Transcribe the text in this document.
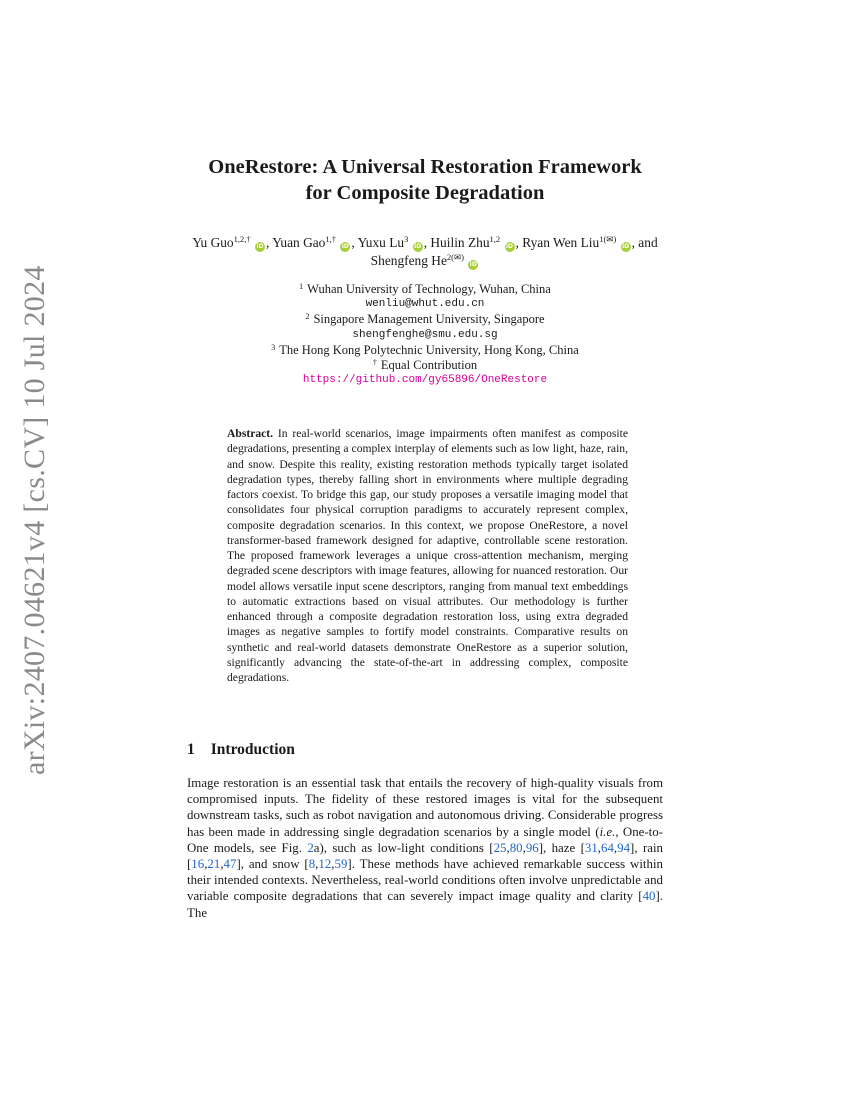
arXiv:2407.04621v4 [cs.CV] 10 Jul 2024
OneRestore: A Universal Restoration Framework
for Composite Degradation
Yu Guo$^{1,2,\dagger}$ iD , Yuan Gao$^{1,\dagger}$ iD , Yuxu Lu$^3$ iD , Huilin Zhu$^{1,2}$ iD , Ryan Wen Liu$^{1(✉)}$ iD , and Shengfeng $He^{2(✉)}$ iD
$^1$ Wuhan University of Technology, Wuhan, China
wenliu@whut.edu.cn
$^2$ Singapore Management University, Singapore
shengfenghe@smu.edu.sg
$^3$ The Hong Kong Polytechnic University, Hong Kong, China
† Equal Contribution
https://github.com/gy65896/OneRestore
Abstract. In real-world scenarios, image impairments often manifest as composite degradations, presenting a complex interplay of elements such as low light, haze, rain, and snow. Despite this reality, existing restoration methods typically target isolated degradation types, thereby falling short in environments where multiple degrading factors coexist. To bridge this gap, our study proposes a versatile imaging model that consolidates four physical corruption paradigms to accurately represent complex, composite degradation scenarios. In this context, we propose OneRestore, a novel transformer-based framework designed for adaptive, controllable scene restoration. The proposed framework leverages a unique cross-attention mechanism, merging degraded scene descriptors with image features, allowing for nuanced restoration. Our model allows versatile input scene descriptors, ranging from manual text embeddings to automatic extractions based on visual attributes. Our methodology is further enhanced through a composite degradation restoration loss, using extra degraded images as negative samples to fortify model constraints. Comparative results on synthetic and real-world datasets demonstrate OneRestore as a superior solution, significantly advancing the state-of-the-art in addressing complex, composite degradations.
1 Introduction
Image restoration is an essential task that entails the recovery of high-quality visuals from compromised inputs. The fidelity of these restored images is vital for the subsequent downstream tasks, such as robot navigation and autonomous driving. Considerable progress has been made in addressing single degradation scenarios by a single model (i.e., One-to-One models, see Fig. 2a), such as low-light conditions [25,80,96], haze [31,64,94], rain [16,21,47], and snow [8,12,59]. These methods have achieved remarkable success within their intended contexts. Nevertheless, real-world conditions often involve unpredictable and variable composite degradations that can severely impact image quality and clarity [40]. The
